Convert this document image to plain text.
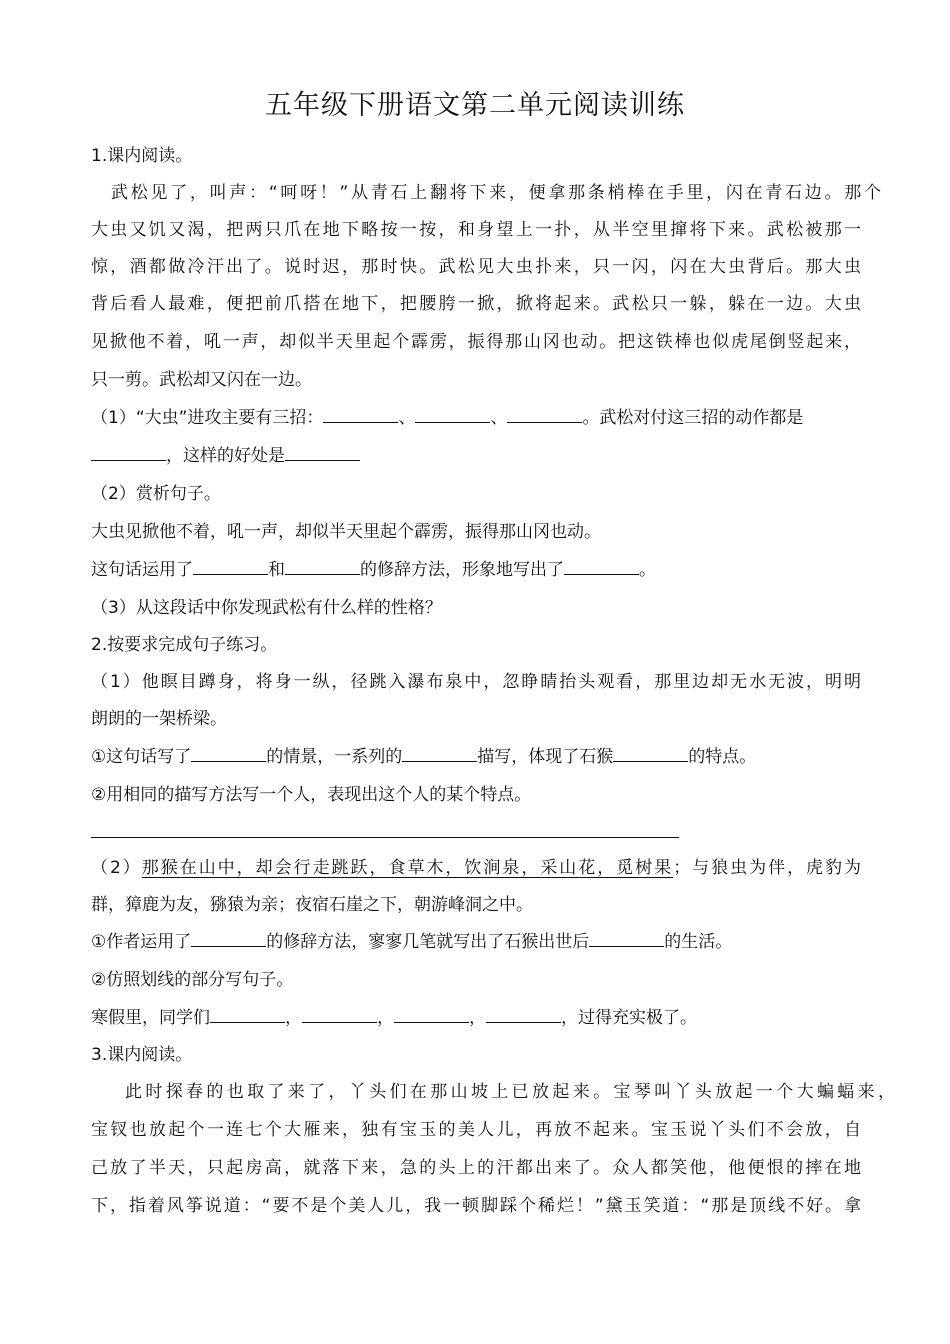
五年级下册语文第二单元阅读训练
1.课内阅读。
武松见了，叫声：“呵呀！”从青石上翻将下来，便拿那条梢棒在手里，闪在青石边。那个
大虫又饥又渴，把两只爪在地下略按一按，和身望上一扑，从半空里撺将下来。武松被那一
惊，酒都做冷汗出了。说时迟，那时快。武松见大虫扑来，只一闪，闪在大虫背后。那大虫
背后看人最难，便把前爪搭在地下，把腰胯一掀，掀将起来。武松只一躲，躲在一边。大虫
见掀他不着，吼一声，却似半天里起个霹雳，振得那山冈也动。把这铁棒也似虎尾倒竖起来，
只一剪。武松却又闪在一边。
（1）“大虫”进攻主要有三招：	、	、	。武松对付这三招的动作都是
，这样的好处是
（2）赏析句子。
大虫见掀他不着，吼一声，却似半天里起个霹雳，振得那山冈也动。
这句话运用了	和	的修辞方法，形象地写出了	。
（3）从这段话中你发现武松有什么样的性格？
2.按要求完成句子练习。
（1）他瞑目蹲身，将身一纵，径跳入瀑布泉中，忽睁睛抬头观看，那里边却无水无波，明明
朗朗的一架桥梁。
①这句话写了	的情景，一系列的	描写，体现了石猴	的特点。
②用相同的描写方法写一个人，表现出这个人的某个特点。
（2）那猴在山中，却会行走跳跃，食草木，饮涧泉，采山花，觅树果；与狼虫为伴，虎豹为
群，獐鹿为友，猕猿为亲；夜宿石崖之下，朝游峰洞之中。
①作者运用了	的修辞方法，寥寥几笔就写出了石猴出世后	的生活。
②仿照划线的部分写句子。
寒假里，同学们	，	，	，	，过得充实极了。
3.课内阅读。
此时探春的也取了来了，丫头们在那山坡上已放起来。宝琴叫丫头放起一个大蝙蝠来，
宝钗也放起个一连七个大雁来，独有宝玉的美人儿，再放不起来。宝玉说丫头们不会放，自
己放了半天，只起房高，就落下来，急的头上的汗都出来了。众人都笑他，他便恨的摔在地
下，指着风筝说道：“要不是个美人儿，我一顿脚踩个稀烂！”黛玉笑道：“那是顶线不好。拿
